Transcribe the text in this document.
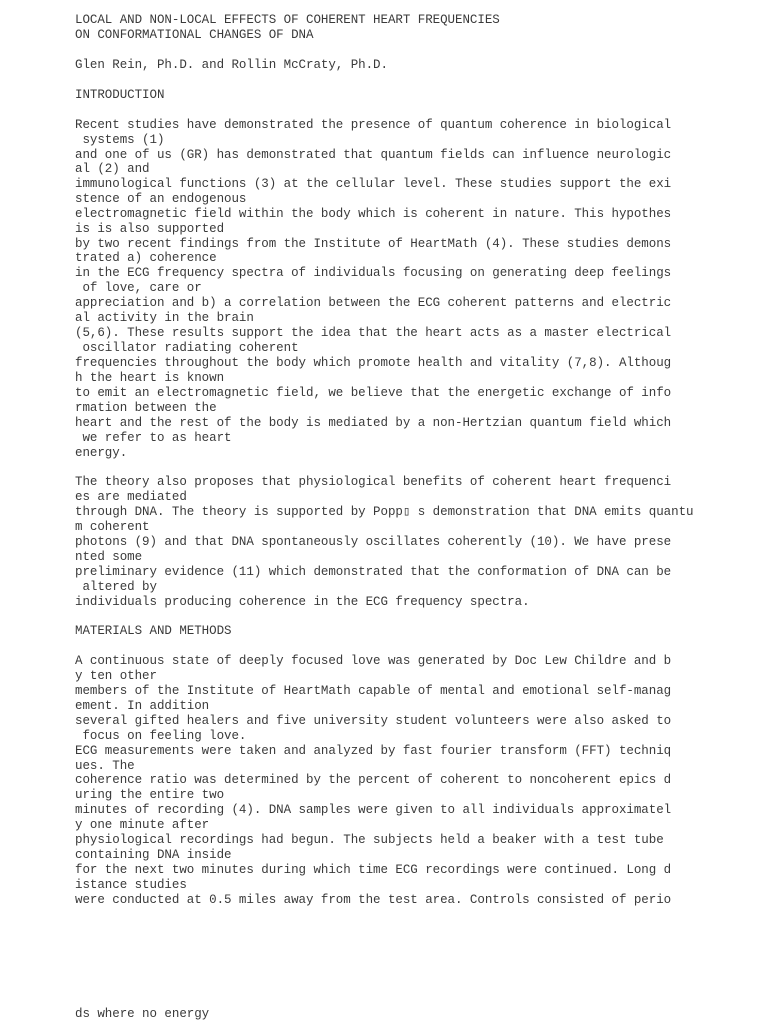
LOCAL AND NON-LOCAL EFFECTS OF COHERENT HEART FREQUENCIES
ON CONFORMATIONAL CHANGES OF DNA
Glen Rein, Ph.D. and Rollin McCraty, Ph.D.
INTRODUCTION
Recent studies have demonstrated the presence of quantum coherence in biological
systems (1)
and one of us (GR) has demonstrated that quantum fields can influence neurologic
al (2) and
immunological functions (3) at the cellular level. These studies support the exi
stence of an endogenous
electromagnetic field within the body which is coherent in nature. This hypothes
is is also supported
by two recent findings from the Institute of HeartMath (4). These studies demons
trated a) coherence
in the ECG frequency spectra of individuals focusing on generating deep feelings
of love, care or
appreciation and b) a correlation between the ECG coherent patterns and electric
al activity in the brain
(5,6). These results support the idea that the heart acts as a master electrical
oscillator radiating coherent
frequencies throughout the body which promote health and vitality (7,8). Althoug
h the heart is known
to emit an electromagnetic field, we believe that the energetic exchange of info
rmation between the
heart and the rest of the body is mediated by a non-Hertzian quantum field which
we refer to as heart
energy.
The theory also proposes that physiological benefits of coherent heart frequenci
es are mediated
through DNA. The theory is supported by Popp▯ s demonstration that DNA emits quantu
m coherent
photons (9) and that DNA spontaneously oscillates coherently (10). We have prese
nted some
preliminary evidence (11) which demonstrated that the conformation of DNA can be
altered by
individuals producing coherence in the ECG frequency spectra.
MATERIALS AND METHODS
A continuous state of deeply focused love was generated by Doc Lew Childre and b
y ten other
members of the Institute of HeartMath capable of mental and emotional self-manag
ement. In addition
several gifted healers and five university student volunteers were also asked to
focus on feeling love.
ECG measurements were taken and analyzed by fast fourier transform (FFT) techniq
ues. The
coherence ratio was determined by the percent of coherent to noncoherent epics d
uring the entire two
minutes of recording (4). DNA samples were given to all individuals approximatel
y one minute after
physiological recordings had begun. The subjects held a beaker with a test tube
containing DNA inside
for the next two minutes during which time ECG recordings were continued. Long d
istance studies
were conducted at 0.5 miles away from the test area. Controls consisted of perio
ds where no energy
